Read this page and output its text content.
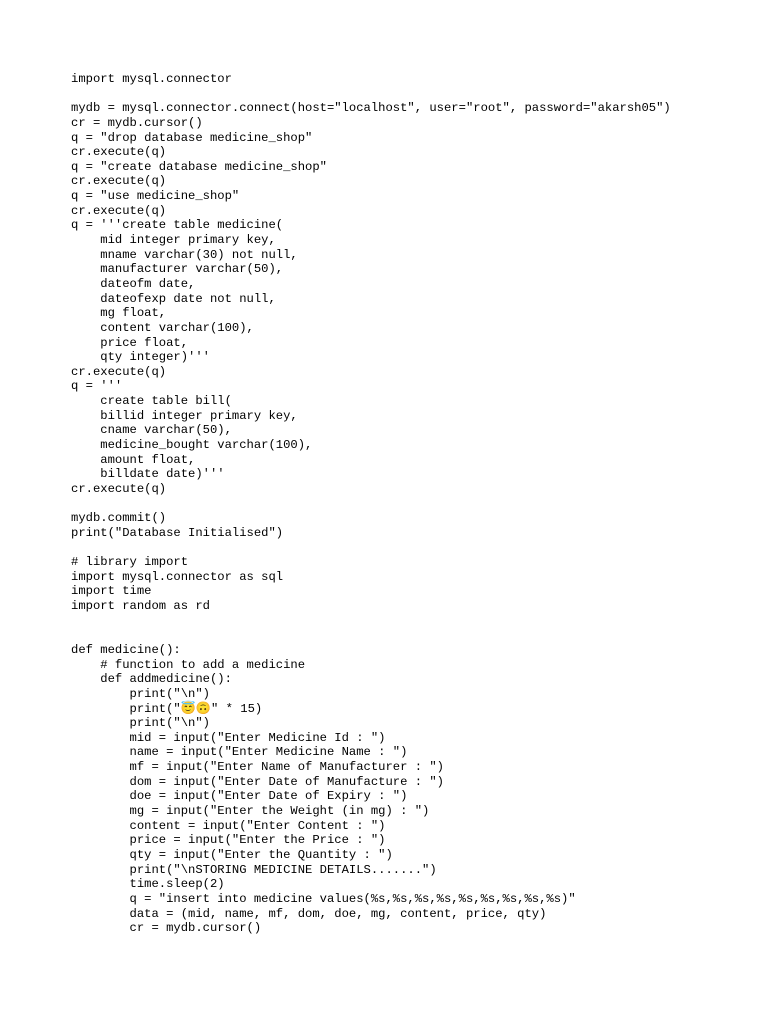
import mysql.connector
mydb = mysql.connector.connect(host="localhost", user="root", password="akarsh05")
cr = mydb.cursor()
q = "drop database medicine_shop"
cr.execute(q)
q = "create database medicine_shop"
cr.execute(q)
q = "use medicine_shop"
cr.execute(q)
q = '''create table medicine(
mid integer primary key,
mname varchar(30) not null,
manufacturer varchar(50),
dateofm date,
dateofexp date not null,
mg float,
content varchar(100),
price float,
qty integer)'''
cr.execute(q)
q = '''
create table bill(
billid integer primary key,
cname varchar(50),
medicine_bought varchar(100),
amount float,
billdate date)'''
cr.execute(q)
mydb.commit()
print("Database Initialised")
# library import
import mysql.connector as sql
import time
import random as rd
def medicine():
# function to add a medicine
def addmedicine():
print("\n")
print("😇🙃" * 15)
print("\n")
mid = input("Enter Medicine Id : ")
name = input("Enter Medicine Name : ")
mf = input("Enter Name of Manufacturer : ")
dom = input("Enter Date of Manufacture : ")
doe = input("Enter Date of Expiry : ")
mg = input("Enter the Weight (in mg) : ")
content = input("Enter Content : ")
price = input("Enter the Price : ")
qty = input("Enter the Quantity : ")
print("\nSTORING MEDICINE DETAILS.......")
time.sleep(2)
q = "insert into medicine values(%s,%s,%s,%s,%s,%s,%s,%s,%s)"
data = (mid, name, mf, dom, doe, mg, content, price, qty)
cr = mydb.cursor()
